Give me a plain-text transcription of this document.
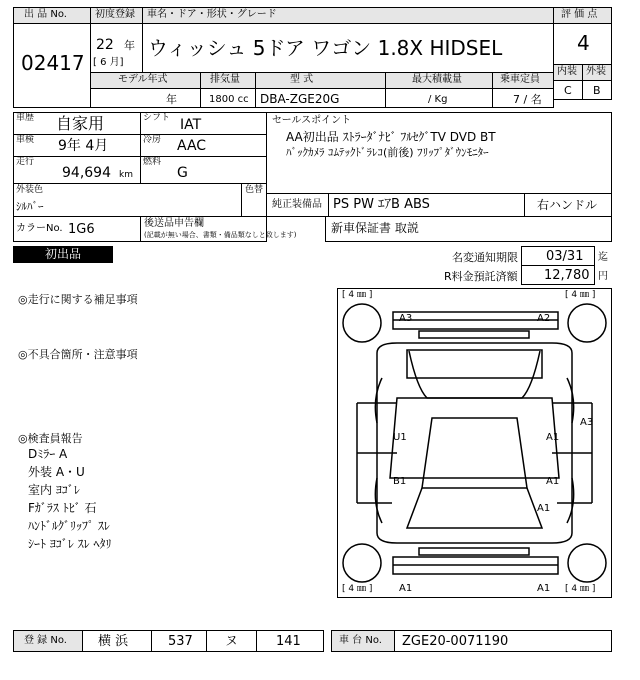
出 品 No.
02417
初度登録 車名・ドア・形状・グレード
22 年
[ 6 月]
ウィッシュ 5ドア ワゴン 1.8X HIDSEL
評 価 点
4
内装 外装
C B
モデル年式	排気量	型 式	最大積載量	乗車定員
年	1800 cc DBA-ZGE20G	/ Kg	7 / 名
車歴 自家用	シフト IAT
車検 9年 4月	冷房 AAC
走行
94,694 km
燃料
G
外装色
ｼﾙﾊﾞｰ
色替
カラーNo. 1G6	後送品申告欄
(記載が無い場合、書類・備品類なしと致します)
セールスポイント
AA初出品 ｽﾄﾗｰﾀﾞﾅﾋﾞ ﾌﾙｾｸﾞTV DVD BT
ﾊﾞｯｸｶﾒﾗ ｺﾑﾃｯｸﾄﾞﾗﾚｺ(前後) ﾌﾘｯﾌﾟﾀﾞｳﾝﾓﾆﾀｰ
純正装備品 PS PW ｴｱB ABS	右ハンドル
新車保証書 取説
初出品	名変通知期限 03/31 迄
R料金預託済額 12,780 円
◎走行に関する補足事項
◎不具合箇所・注意事項
◎検査員報告
Dﾐﾗｰ A
外装 A・U
室内 ﾖｺﾞﾚ
Fｶﾞﾗｽ ﾄﾋﾞ 石
ﾊﾝﾄﾞﾙｸﾞﾘｯﾌﾟ ｽﾚ
ｼｰﾄ ﾖｺﾞﾚ ｽﾚ ﾍﾀﾘ
[ 4 ㎜ ]	[ 4 ㎜ ]
[ 4 ㎜ ]	[ 4 ㎜ ]
A3	A2
A3
U1	A1
B1	A1
A1
A1	A1
登 録 No. 横 浜	537 ヌ	141	車 台 No. ZGE20-0071190
